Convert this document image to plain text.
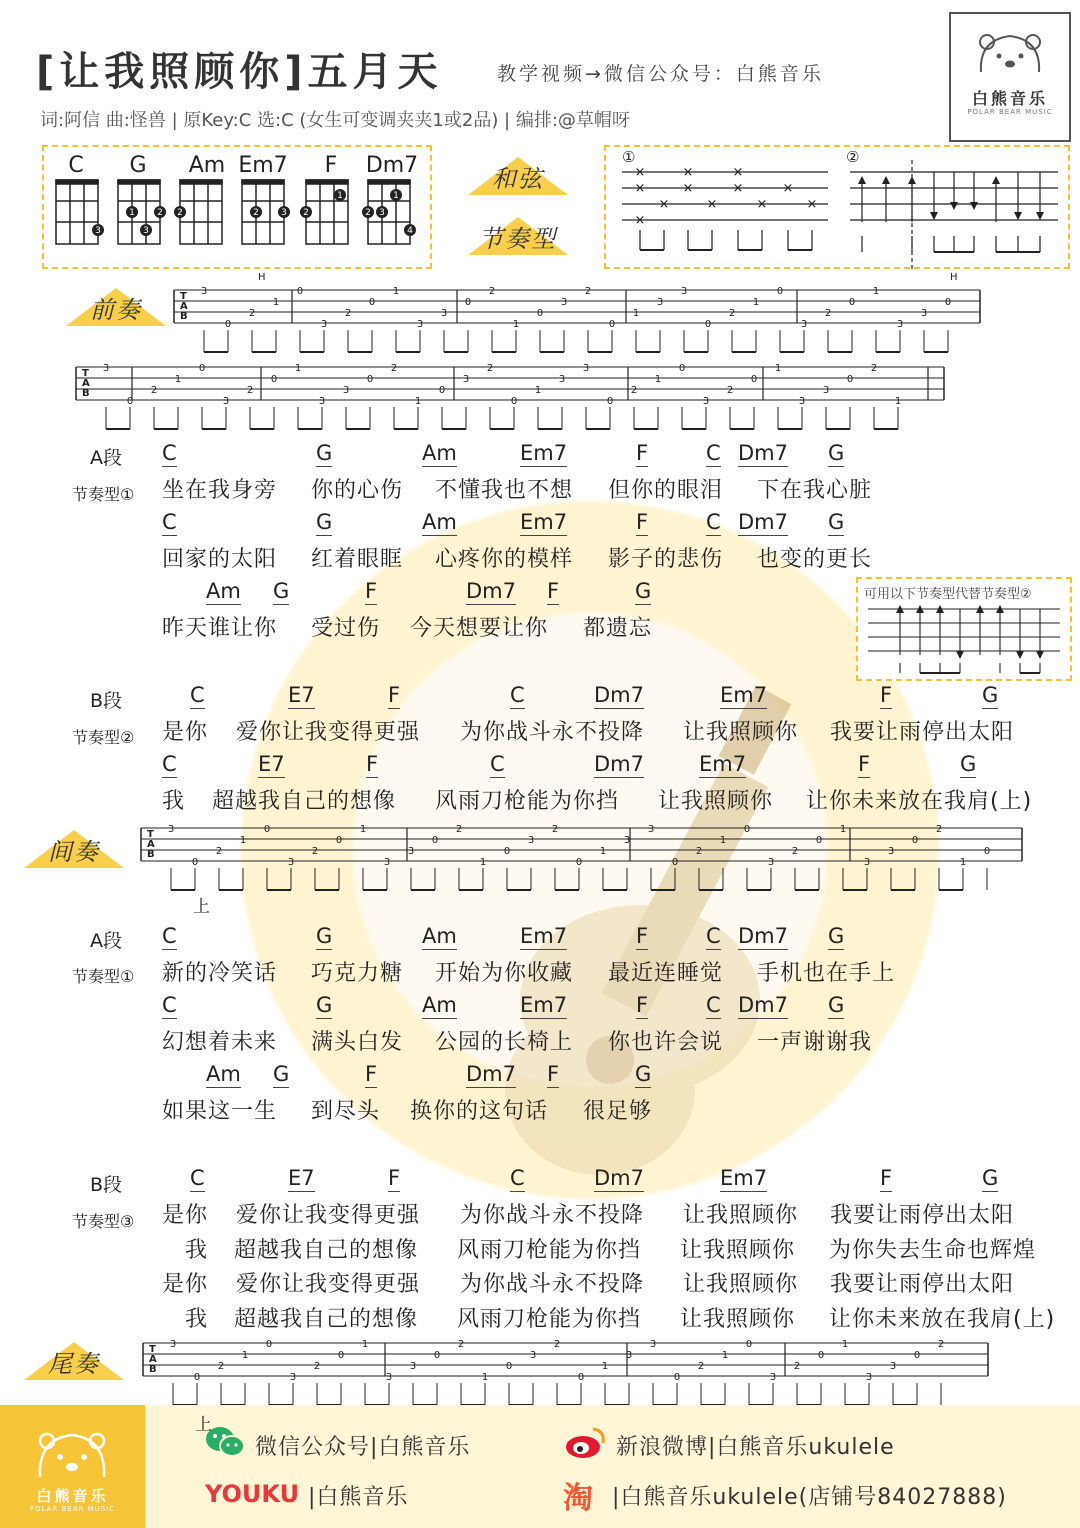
[让我照顾你]五月天	教学视频→微信公众号：白熊音乐
词:阿信 曲:怪兽 | 原Key:C 选:C (女生可变调夹夹1或2品) | 编排:@草帽呀
白熊音乐
POLAR BEAR MUSIC
C	G	Am Em7	F	Dm7
3
1 2
3
2	2 3 2
1
2 3
1
4
和弦
节奏型
①	②
×
×
×
×
×
×
×
×
×
×
×
×
T
A
B
3
0
2
1
0
3
2
0
1
3
3
0
2
1
0
3
2
0
1
3
3
0
2
1
0
3
2
0
1
3
3
0
T
A
B
3
0
2
1
0
3
2
0
1
3
3
0
2
1
0
3
2
0
1
3
3
0
2
1
0
3
2
0
1
3
3
0
2
1
T
A
B
3
0
2
1
0
3
2
0
1
3
3
0
2
1
0
3
2
0
1
3
3
0
2
1
0
3
2
0
1
3
3
0
2
1
0
T
A
B
3
0
2
1
0
3
2
0
1
3
3
0
2
1
0
3
2
0
1
3
3
0
2
1
0
3
2
0
1
3
3
0
2
前奏
A段
节奏型①
C	G	Am	Em7	F	C Dm7 G
坐在我身旁 你的心伤 不懂我也不想 但你的眼泪 下在我心脏
C	G	Am	Em7	F	C Dm7 G
回家的太阳 红着眼眶 心疼你的模样 影子的悲伤 也变的更长
Am G	F	Dm7 F	G
昨天谁让你 受过伤 今天想要让你 都遗忘
可用以下节奏型代替节奏型②
B段
节奏型②
C	E7	F	C	Dm7	Em7	F	G
是你 爱你让我变得更强 为你战斗永不投降 让我照顾你 我要让雨停出太阳
C	E7	F	C	Dm7	Em7	F	G
我 超越我自己的想像 风雨刀枪能为你挡 让我照顾你 让你未来放在我肩(上)
间奏
A段
节奏型①
C	G	Am	Em7	F	C Dm7 G
新的冷笑话 巧克力糖 开始为你收藏 最近连睡觉 手机也在手上
C	G	Am	Em7	F	C Dm7 G
幻想着未来 满头白发 公园的长椅上 你也许会说 一声谢谢我
Am G	F	Dm7 F	G
如果这一生 到尽头 换你的这句话 很足够
B段
节奏型③
C	E7	F	C	Dm7	Em7	F	G
是你 爱你让我变得更强 为你战斗永不投降 让我照顾你 我要让雨停出太阳
我 超越我自己的想像 风雨刀枪能为你挡 让我照顾你 为你失去生命也辉煌
是你 爱你让我变得更强 为你战斗永不投降 让我照顾你 我要让雨停出太阳
我 超越我自己的想像 风雨刀枪能为你挡 让我照顾你 让你未来放在我肩(上)
尾奏
H	H
上
上
白熊音乐
POLAR BEAR MUSIC
微信公众号|白熊音乐	新浪微博|白熊音乐ukulele
YOUKU |白熊音乐	淘 |白熊音乐ukulele(店铺号84027888)
